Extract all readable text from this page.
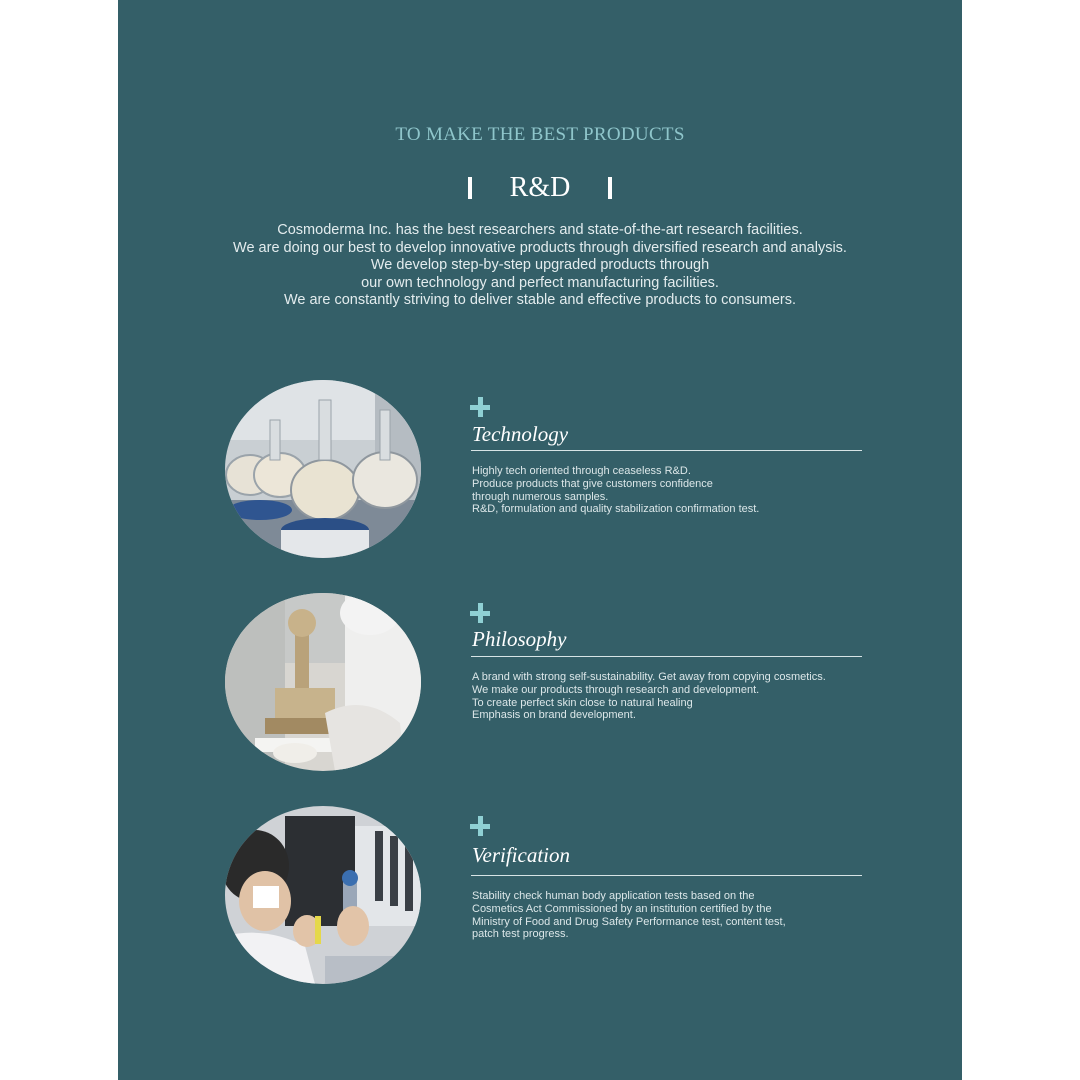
TO MAKE THE BEST PRODUCTS
R&D
Cosmoderma Inc. has the best researchers and state-of-the-art research facilities.
We are doing our best to develop innovative products through diversified research and analysis.
We develop step-by-step upgraded products through
our own technology and perfect manufacturing facilities.
We are constantly striving to deliver stable and effective products to consumers.
Technology
Highly tech oriented through ceaseless R&D.
Produce products that give customers confidence
through numerous samples.
R&D, formulation and quality stabilization confirmation test.
Philosophy
A brand with strong self-sustainability. Get away from copying cosmetics.
We make our products through research and development.
To create perfect skin close to natural healing
Emphasis on brand development.
Verification
Stability check human body application tests based on the
Cosmetics Act Commissioned by an institution certified by the
Ministry of Food and Drug Safety Performance test, content test,
patch test progress.
